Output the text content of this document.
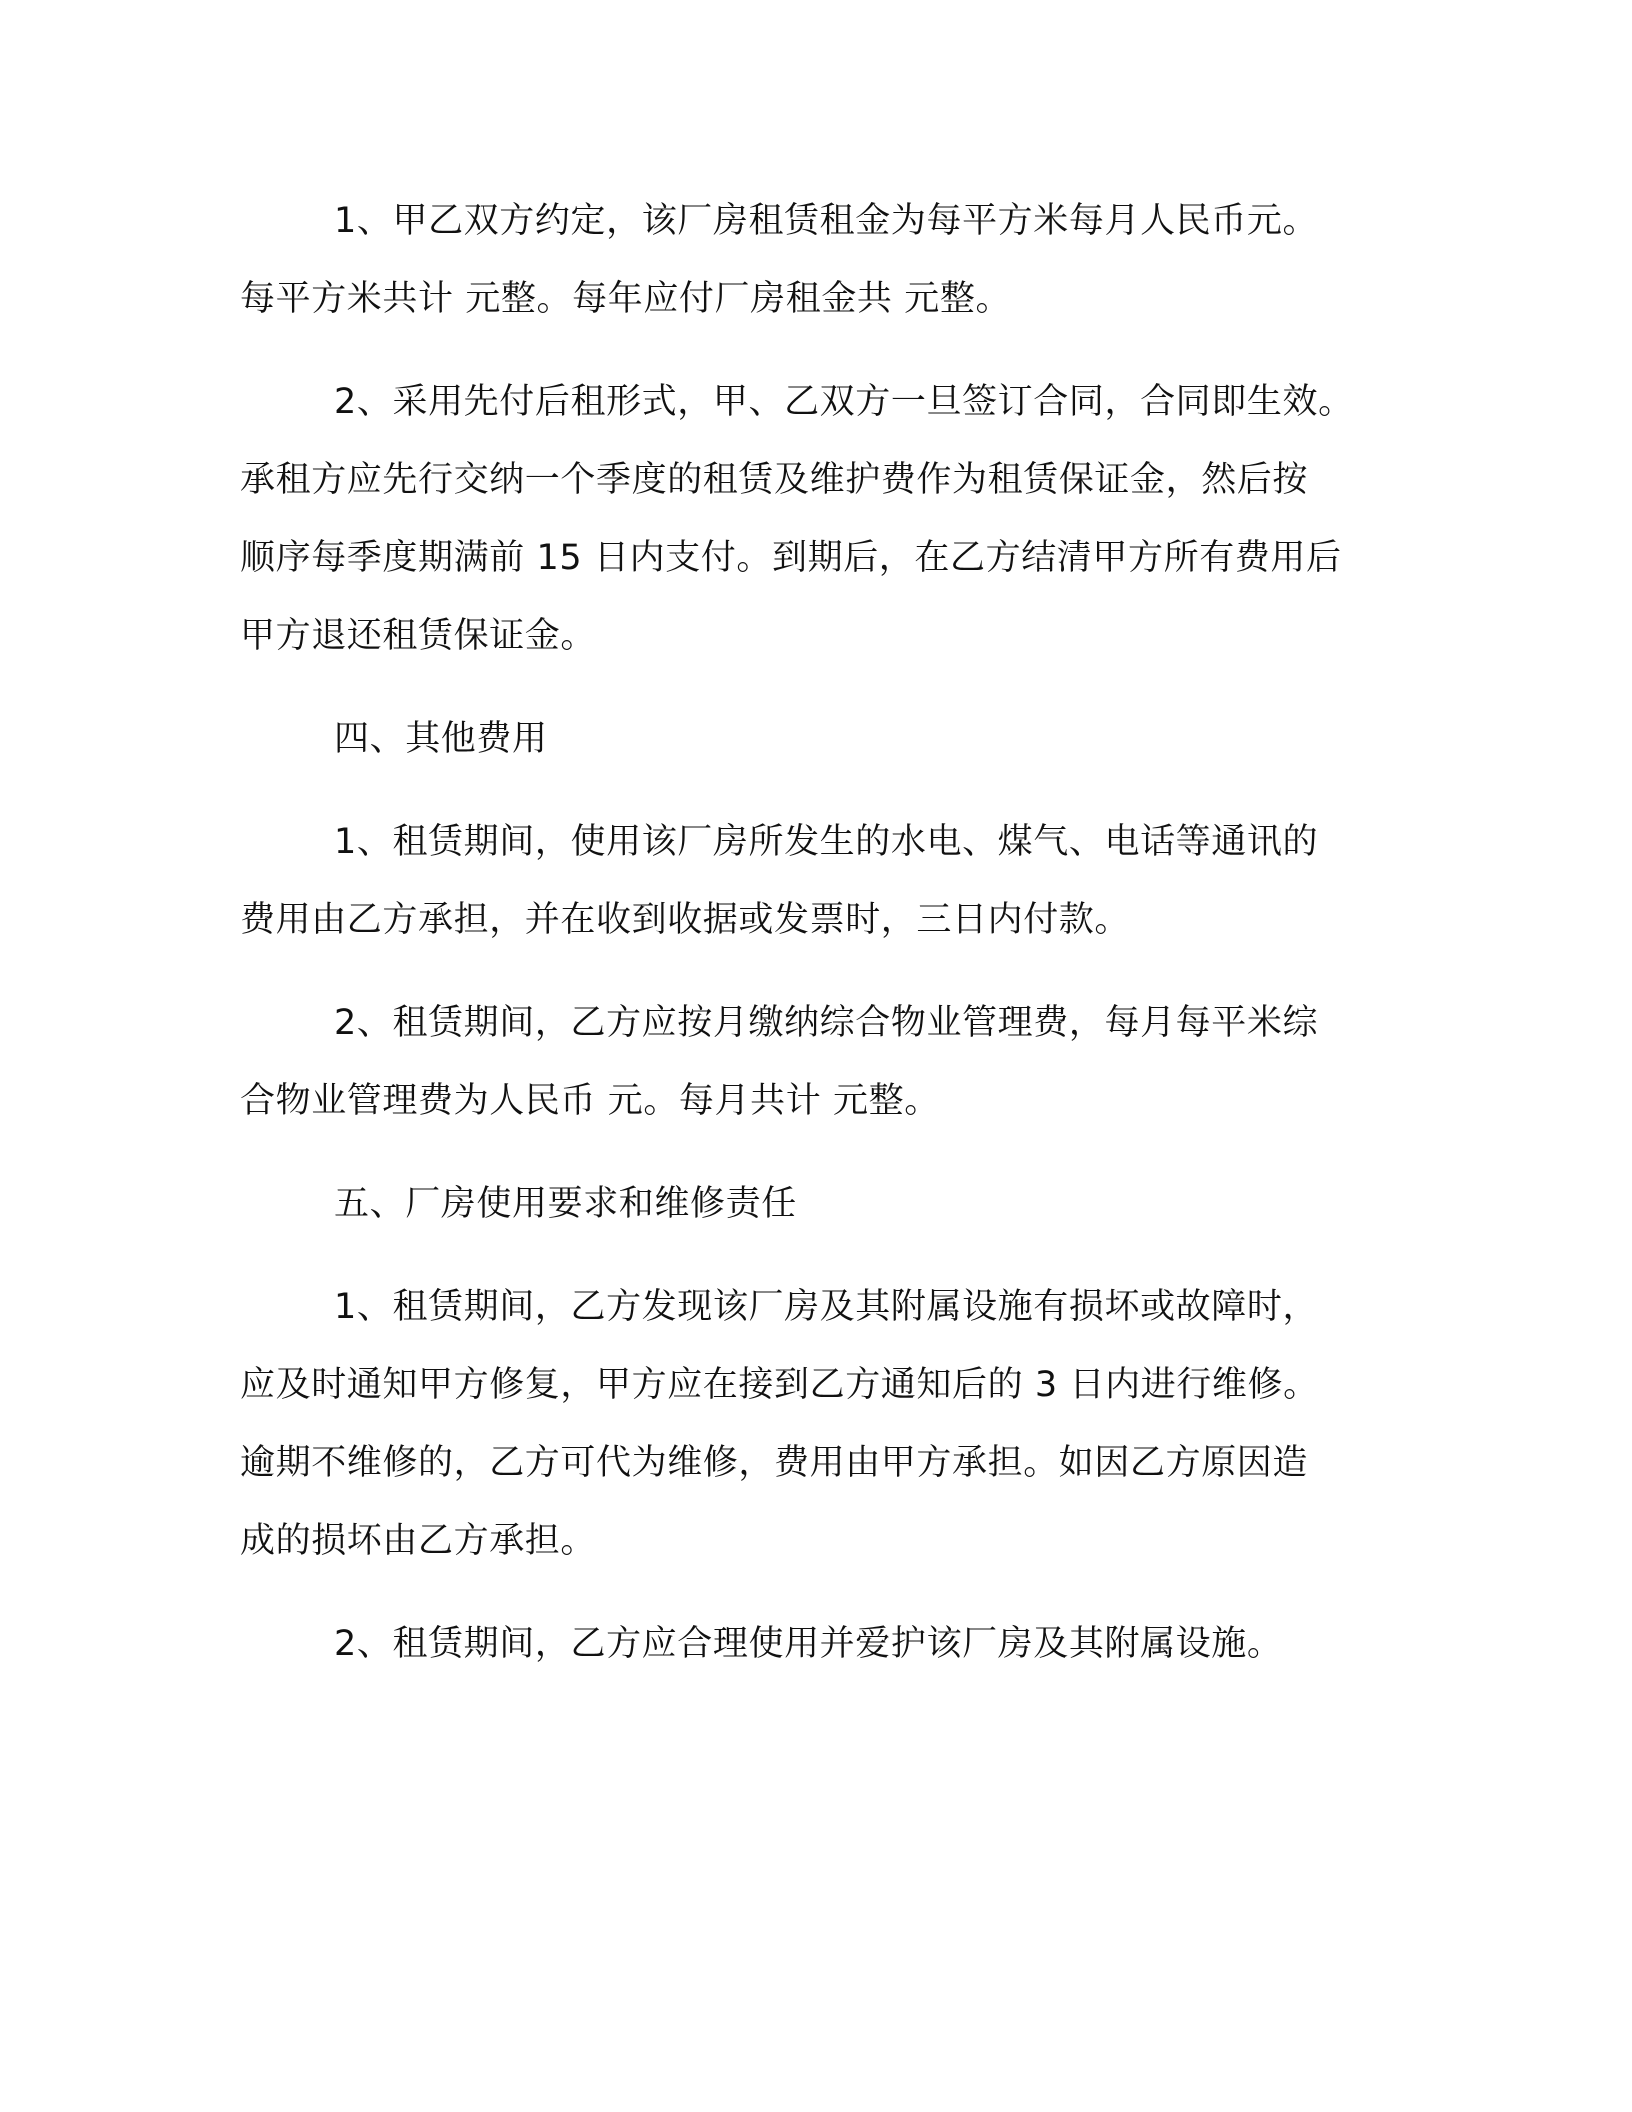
1、甲乙双方约定，该厂房租赁租金为每平方米每月人民币元。
每平方米共计 元整。每年应付厂房租金共 元整。

2、采用先付后租形式，甲、乙双方一旦签订合同，合同即生效。
承租方应先行交纳一个季度的租赁及维护费作为租赁保证金，然后按
顺序每季度期满前 15 日内支付。到期后，在乙方结清甲方所有费用后
甲方退还租赁保证金。

四、其他费用

1、租赁期间，使用该厂房所发生的水电、煤气、电话等通讯的
费用由乙方承担，并在收到收据或发票时，三日内付款。

2、租赁期间，乙方应按月缴纳综合物业管理费，每月每平米综
合物业管理费为人民币 元。每月共计 元整。

五、厂房使用要求和维修责任

1、租赁期间，乙方发现该厂房及其附属设施有损坏或故障时，
应及时通知甲方修复，甲方应在接到乙方通知后的 3 日内进行维修。
逾期不维修的，乙方可代为维修，费用由甲方承担。如因乙方原因造
成的损坏由乙方承担。

2、租赁期间，乙方应合理使用并爱护该厂房及其附属设施。
